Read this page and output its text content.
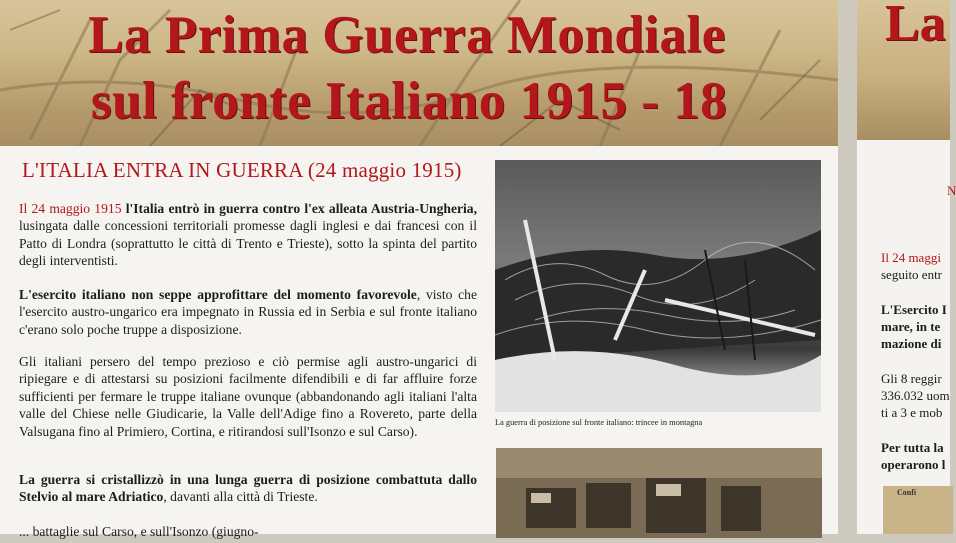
La Prima Guerra Mondiale
sul fronte Italiano 1915 - 18
L'ITALIA ENTRA IN GUERRA (24 maggio 1915)
Il 24 maggio 1915 l'Italia entrò in guerra contro l'ex alleata Austria-Ungheria, lusingata dalle concessioni territoriali promesse dagli inglesi e dai francesi con il Patto di Londra (soprattutto le città di Trento e Trieste), sotto la spinta del partito degli interventisti.
L'esercito italiano non seppe approfittare del momento favorevole, visto che l'esercito austro-ungarico era impegnato in Russia ed in Serbia e sul fronte italiano c'erano solo poche truppe a disposizione.
Gli italiani persero del tempo prezioso e ciò permise agli austro-ungarici di ripiegare e di attestarsi su posizioni facilmente difendibili e di far affluire forze sufficienti per fermare le truppe italiane ovunque (abbandonando agli italiani l'alta valle del Chiese nelle Giudicarie, la Valle dell'Adige fino a Rovereto, parte della Valsugana fino al Primiero, Cortina, e ritirandosi sull'Isonzo e sul Carso).
La guerra si cristallizzò in una lunga guerra di posizione combattuta dallo Stelvio al mare Adriatico, davanti alla città di Trieste.
... battaglie sul Carso, e sull'Isonzo (giugno-
La guerra di posizione sul fronte italiano: trincee in montagna
La
N
Il 24 maggi
seguito entr
L'Esercito I
mare, in te
mazione di
Gli 8 reggir
336.032 uom
ti a 3 e mob
Per tutta la
operarono l
Confi
